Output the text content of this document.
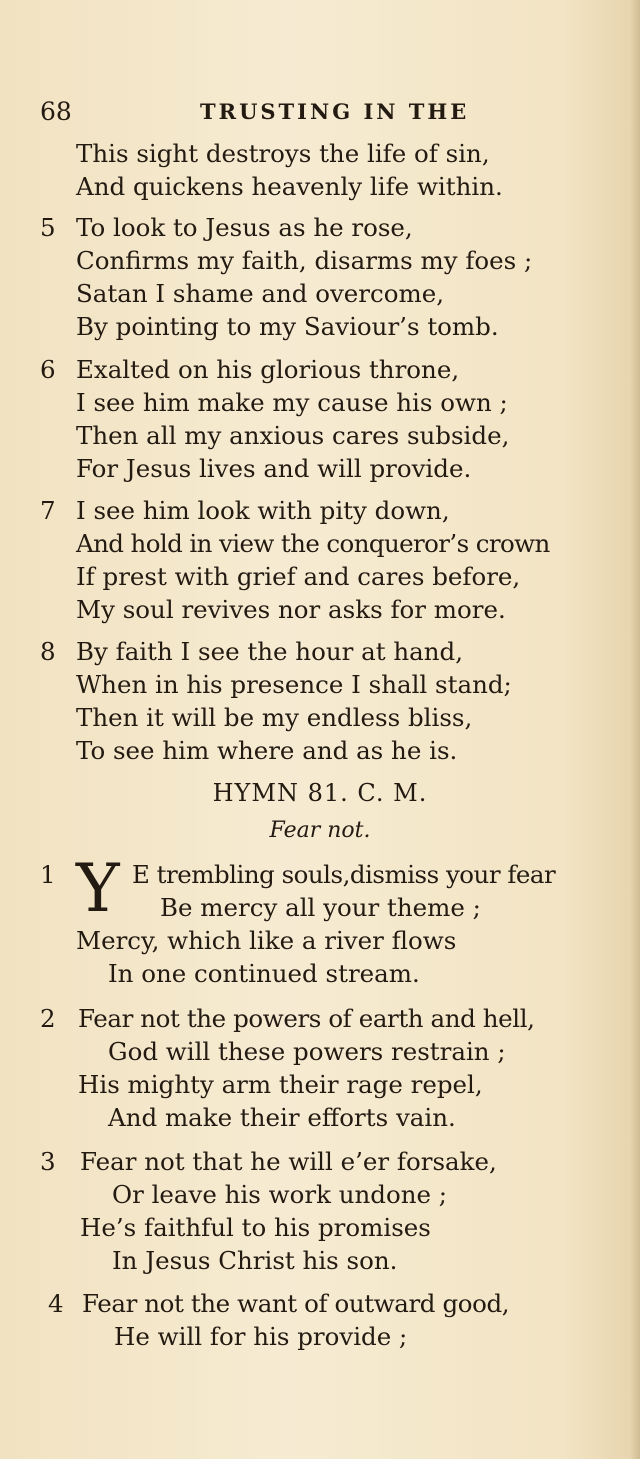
68	TRUSTING IN THE
This sight destroys the life of sin,
And quickens heavenly life within.
5 To look to Jesus as he rose,
Confirms my faith, disarms my foes ;
Satan I shame and overcome,
By pointing to my Saviour’s tomb.
6 Exalted on his glorious throne,
I see him make my cause his own ;
Then all my anxious cares subside,
For Jesus lives and will provide.
7 I see him look with pity down,
And hold in view the conqueror’s crown
If prest with grief and cares before,
My soul revives nor asks for more.
8 By faith I see the hour at hand,
When in his presence I shall stand;
Then it will be my endless bliss,
To see him where and as he is.
HYMN 81. C. M.
Fear not.
Y
1	E trembling souls,dismiss your fear
Be mercy all your theme ;
Mercy, which like a river flows
In one continued stream.
2 Fear not the powers of earth and hell,
God will these powers restrain ;
His mighty arm their rage repel,
And make their efforts vain.
3 Fear not that he will e’er forsake,
Or leave his work undone ;
He’s faithful to his promises
In Jesus Christ his son.
4 Fear not the want of outward good,
He will for his provide ;
